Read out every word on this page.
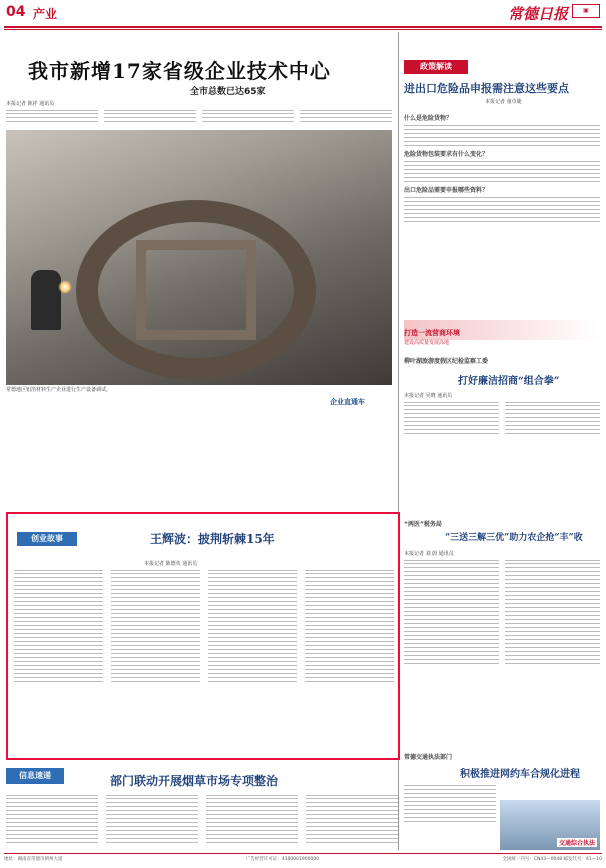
04 产业	常德日报	▣
我市新增17家省级企业技术中心
全市总数已达65家
本报记者 陈祥 通讯员
常德地区铝箔材料生产企业进行生产设备调试。
企业直通车
政策解读
进出口危险品申报需注意这些要点
本报记者 童卓婕
什么是危险货物？
危险货物包装要求有什么变化？
出口危险品需要申报哪些资料？
打造一流营商环境
建设高质量发展高地
柳叶湖旅游度假区纪检监察工委
打好廉洁招商“组合拳”
本报记者 吴晓 通讯员
创业故事	王辉波：披荆斩棘15年
本报记者 陈德英 通讯员
“两医”税务局
“三送三解三优”助力农企抢“丰”收
本报记者 刘 蔚 通讯员
常德交通执法部门
积极推进网约车合规化进程
交通综合执法
信息速递	部门联动开展烟草市场专项整治
地址：湖南省常德市朗州大道	广告经营许可证：4300001900000	全国统一刊号：CN43—0048 邮发代号：41—10
